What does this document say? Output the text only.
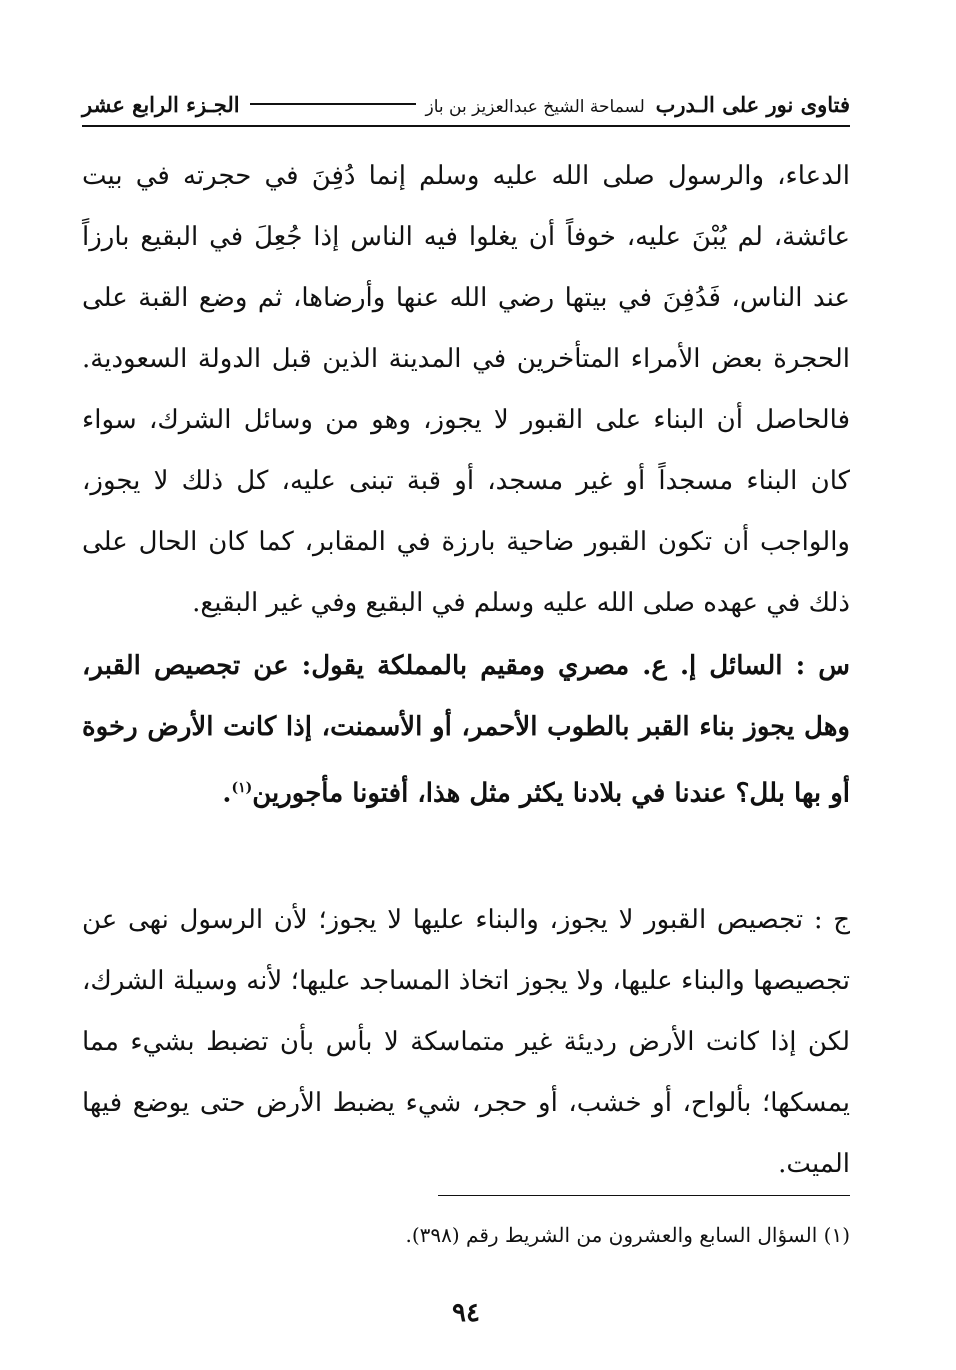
فتاوى نور على الـدرب لسماحة الشيخ عبدالعزيز بن باز
الجـزء الرابع عشر
الدعاء، والرسول صلى الله عليه وسلم إنما دُفِنَ في حجرته في بيت عائشة، لم يُبْنَ عليه، خوفاً أن يغلوا فيه الناس إذا جُعِلَ في البقيع بارزاً عند الناس، فَدُفِنَ في بيتها رضي الله عنها وأرضاها، ثم وضع القبة على الحجرة بعض الأمراء المتأخرين في المدينة الذين قبل الدولة السعودية. فالحاصل أن البناء على القبور لا يجوز، وهو من وسائل الشرك، سواء كان البناء مسجداً أو غير مسجد، أو قبة تبنى عليه، كل ذلك لا يجوز، والواجب أن تكون القبور ضاحية بارزة في المقابر، كما كان الحال على ذلك في عهده صلى الله عليه وسلم في البقيع وفي غير البقيع.
س : السائل إ. ع. مصري ومقيم بالمملكة يقول: عن تجصيص القبر، وهل يجوز بناء القبر بالطوب الأحمر، أو الأسمنت، إذا كانت الأرض رخوة أو بها بلل؟ عندنا في بلادنا يكثر مثل هذا، أفتونا مأجورين$^{(١)}$.
ج : تجصيص القبور لا يجوز، والبناء عليها لا يجوز؛ لأن الرسول نهى عن تجصيصها والبناء عليها، ولا يجوز اتخاذ المساجد عليها؛ لأنه وسيلة الشرك، لكن إذا كانت الأرض رديئة غير متماسكة لا بأس بأن تضبط بشيء مما يمسكها؛ بألواح، أو خشب، أو حجر، شيء يضبط الأرض حتى يوضع فيها الميت.
(١) السؤال السابع والعشرون من الشريط رقم (٣٩٨).
٩٤
